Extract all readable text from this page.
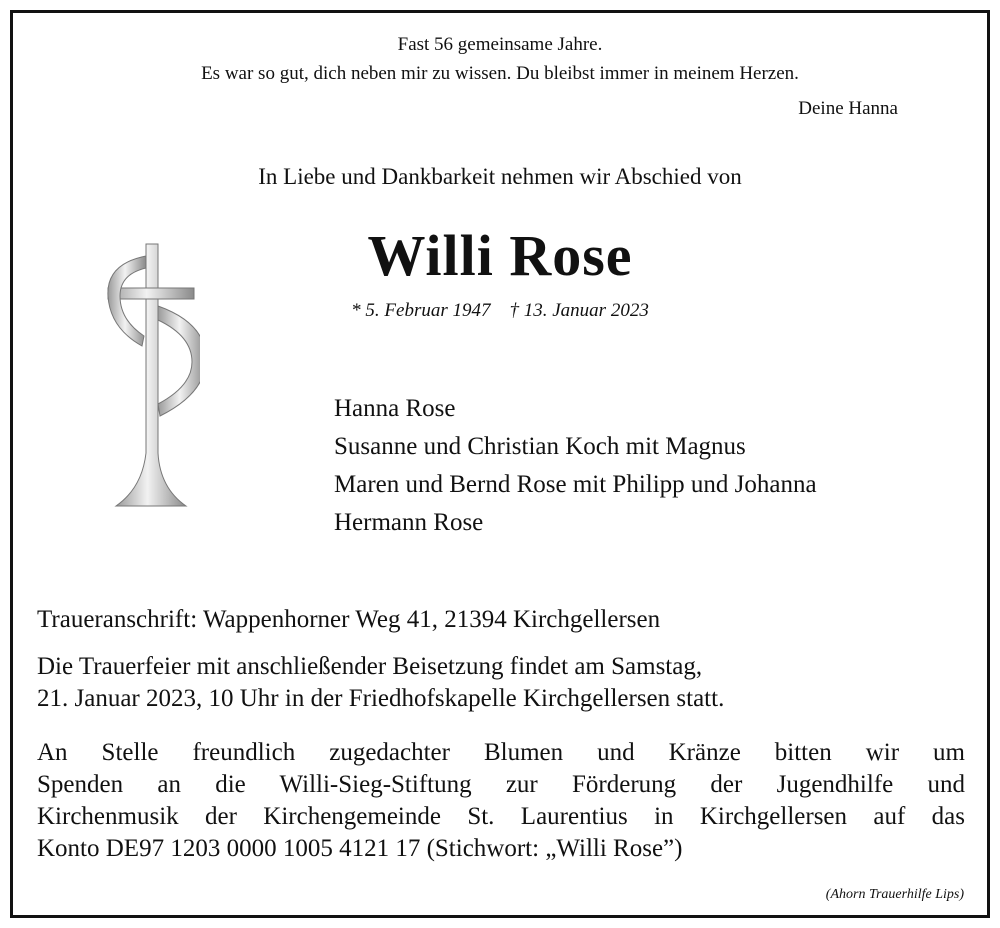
Fast 56 gemeinsame Jahre.
Es war so gut, dich neben mir zu wissen. Du bleibst immer in meinem Herzen.
Deine Hanna
In Liebe und Dankbarkeit nehmen wir Abschied von
Willi Rose
* 5. Februar 1947    † 13. Januar 2023
Hanna Rose
Susanne und Christian Koch mit Magnus
Maren und Bernd Rose mit Philipp und Johanna
Hermann Rose
Traueranschrift: Wappenhorner Weg 41, 21394 Kirchgellersen
Die Trauerfeier mit anschließender Beisetzung findet am Samstag,
21. Januar 2023, 10 Uhr in der Friedhofskapelle Kirchgellersen statt.
An Stelle freundlich zugedachter Blumen und Kränze bitten wir um
Spenden an die Willi-Sieg-Stiftung zur Förderung der Jugendhilfe und
Kirchenmusik der Kirchengemeinde St. Laurentius in Kirchgellersen auf das
Konto DE97 1203 0000 1005 4121 17 (Stichwort: „Willi Rose”)
(Ahorn Trauerhilfe Lips)
